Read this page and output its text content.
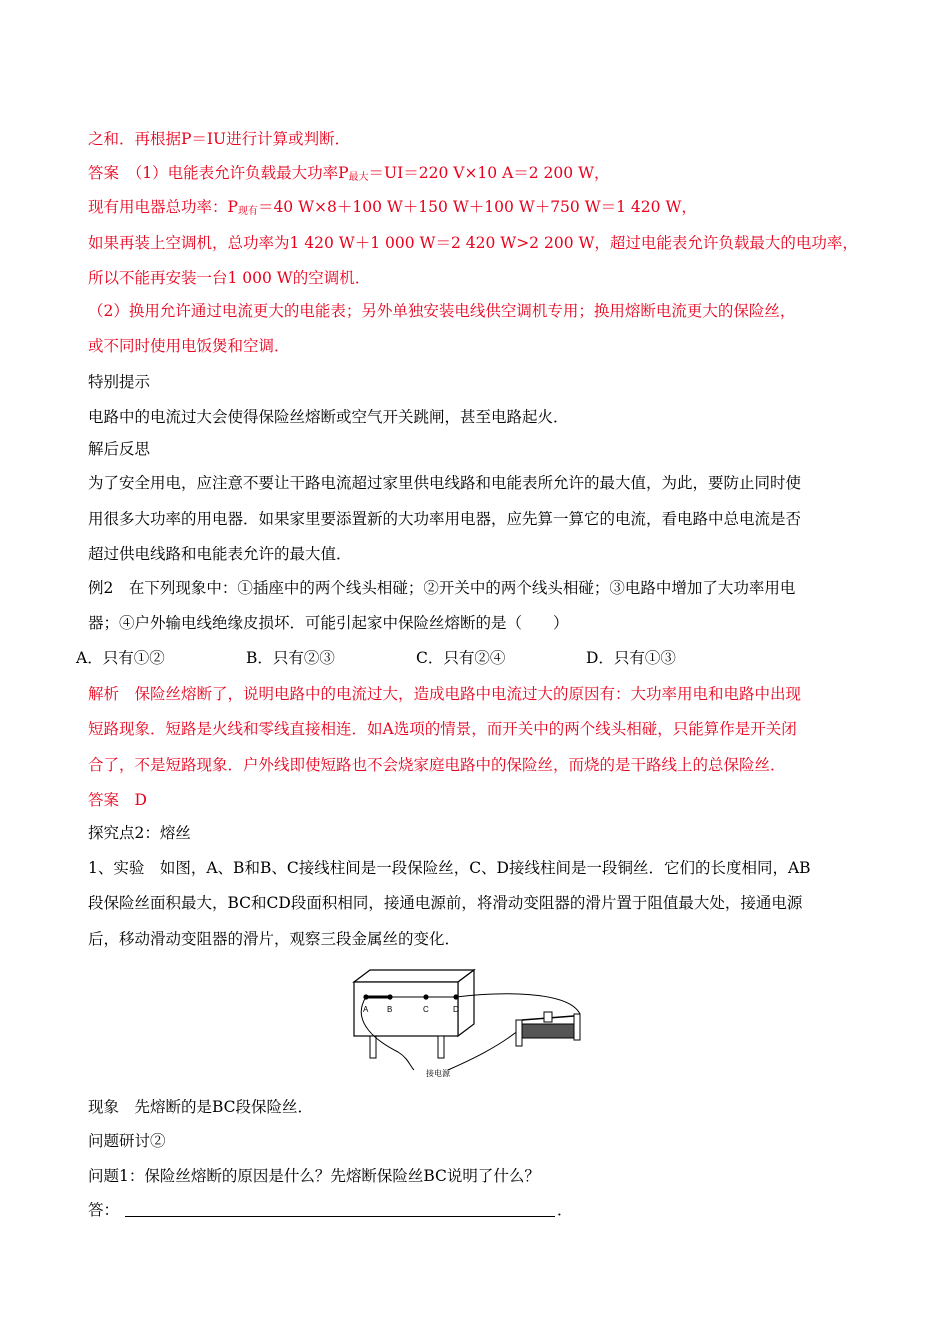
之和．再根据P＝IU进行计算或判断．
答案　（1）电能表允许负载最大功率$P_{最大}=UI=220$ V×10 A＝2 200 W，
现有用电器总功率：$P_{现有}=40$ W×8＋100 W＋150 W＋100 W＋750 W＝1 420 W，
如果再装上空调机，总功率为1 420 W＋1 000 W＝2 420 W>2 200 W，超过电能表允许负载最大的电功率，
所以不能再安装一台1 000 W的空调机．
（2）换用允许通过电流更大的电能表；另外单独安装电线供空调机专用；换用熔断电流更大的保险丝，
或不同时使用电饭煲和空调．
特别提示
电路中的电流过大会使得保险丝熔断或空气开关跳闸，甚至电路起火．
解后反思
为了安全用电，应注意不要让干路电流超过家里供电线路和电能表所允许的最大值，为此，要防止同时使
用很多大功率的用电器．如果家里要添置新的大功率用电器，应先算一算它的电流，看电路中总电流是否
超过供电线路和电能表允许的最大值．
例2　在下列现象中：①插座中的两个线头相碰；②开关中的两个线头相碰；③电路中增加了大功率用电
器；④户外输电线绝缘皮损坏．可能引起家中保险丝熔断的是（　　）
A．只有①②	B．只有②③	C．只有②④	D．只有①③
解析　保险丝熔断了，说明电路中的电流过大，造成电路中电流过大的原因有：大功率用电和电路中出现
短路现象．短路是火线和零线直接相连．如A选项的情景，而开关中的两个线头相碰，只能算作是开关闭
合了，不是短路现象．户外线即使短路也不会烧家庭电路中的保险丝，而烧的是干路线上的总保险丝．
答案　D
探究点2：熔丝
1、实验　如图，A、B和B、C接线柱间是一段保险丝，C、D接线柱间是一段铜丝．它们的长度相同，AB
段保险丝面积最大，BC和CD段面积相同，接通电源前，将滑动变阻器的滑片置于阻值最大处，接通电源
后，移动滑动变阻器的滑片，观察三段金属丝的变化．
A B	C	D
接电源
现象　先熔断的是BC段保险丝．
问题研讨②
问题1：保险丝熔断的原因是什么？先熔断保险丝BC说明了什么？
答：	．
